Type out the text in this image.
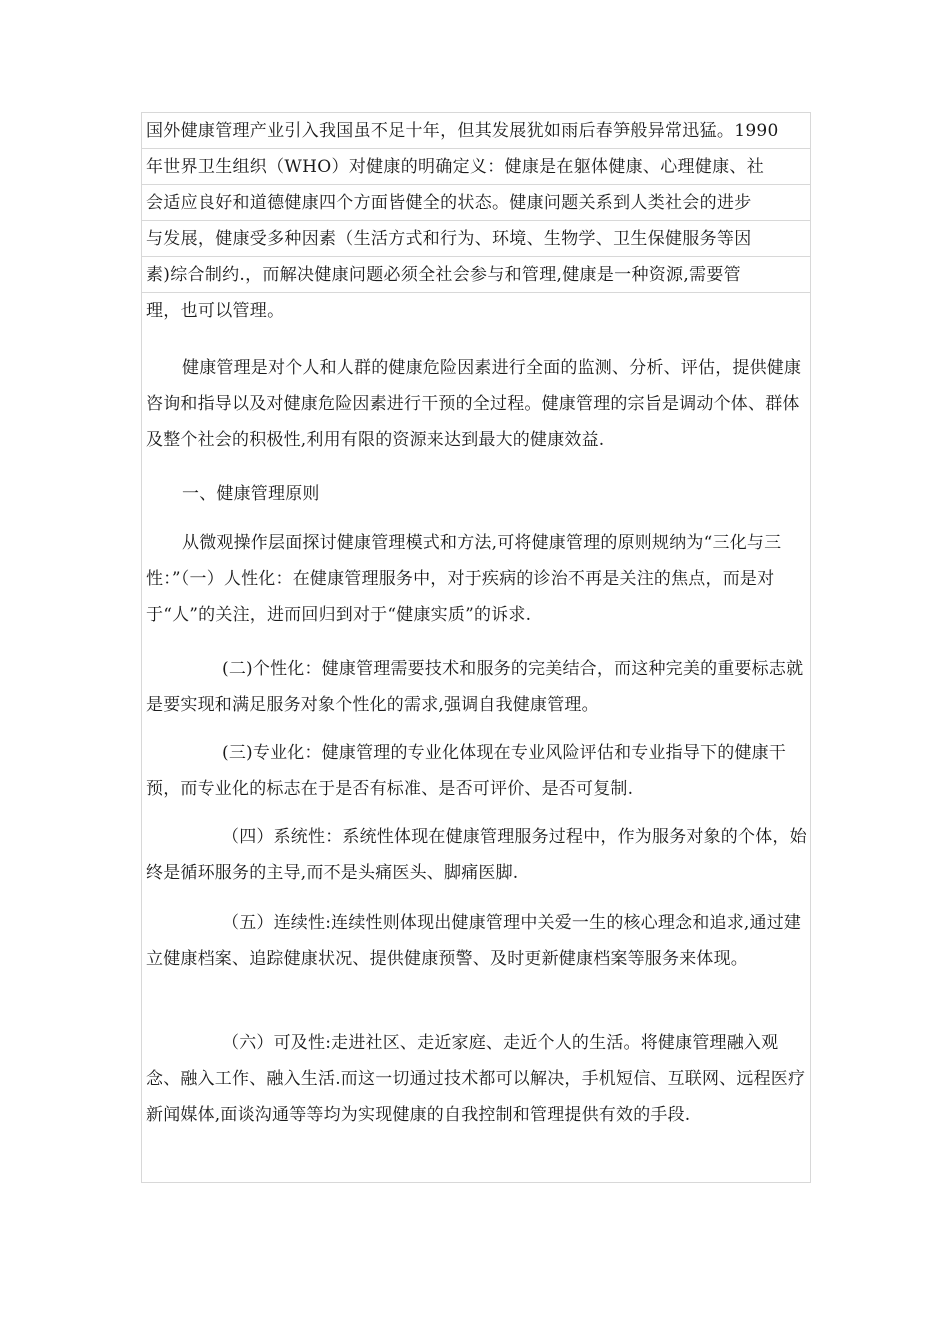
国外健康管理产业引入我国虽不足十年，但其发展犹如雨后春笋般异常迅猛。1990
年世界卫生组织（WHO）对健康的明确定义：健康是在躯体健康、心理健康、社
会适应良好和道德健康四个方面皆健全的状态。健康问题关系到人类社会的进步
与发展，健康受多种因素（生活方式和行为、环境、生物学、卫生保健服务等因
素)综合制约.，而解决健康问题必须全社会参与和管理,健康是一种资源,需要管
理，也可以管理。
健康管理是对个人和人群的健康危险因素进行全面的监测、分析、评估，提供健康咨询和指导以及对健康危险因素进行干预的全过程。健康管理的宗旨是调动个体、群体及整个社会的积极性,利用有限的资源来达到最大的健康效益.
一、健康管理原则
从微观操作层面探讨健康管理模式和方法,可将健康管理的原则规纳为“三化与三性：”（一）人性化：在健康管理服务中，对于疾病的诊治不再是关注的焦点，而是对于“人”的关注，进而回归到对于“健康实质”的诉求.
(二)个性化：健康管理需要技术和服务的完美结合，而这种完美的重要标志就是要实现和满足服务对象个性化的需求,强调自我健康管理。
(三)专业化：健康管理的专业化体现在专业风险评估和专业指导下的健康干预，而专业化的标志在于是否有标准、是否可评价、是否可复制.
（四）系统性：系统性体现在健康管理服务过程中，作为服务对象的个体，始终是循环服务的主导,而不是头痛医头、脚痛医脚.
（五）连续性:连续性则体现出健康管理中关爱一生的核心理念和追求,通过建立健康档案、追踪健康状况、提供健康预警、及时更新健康档案等服务来体现。
（六）可及性:走进社区、走近家庭、走近个人的生活。将健康管理融入观念、融入工作、融入生活.而这一切通过技术都可以解决，手机短信、互联网、远程医疗新闻媒体,面谈沟通等等均为实现健康的自我控制和管理提供有效的手段.
